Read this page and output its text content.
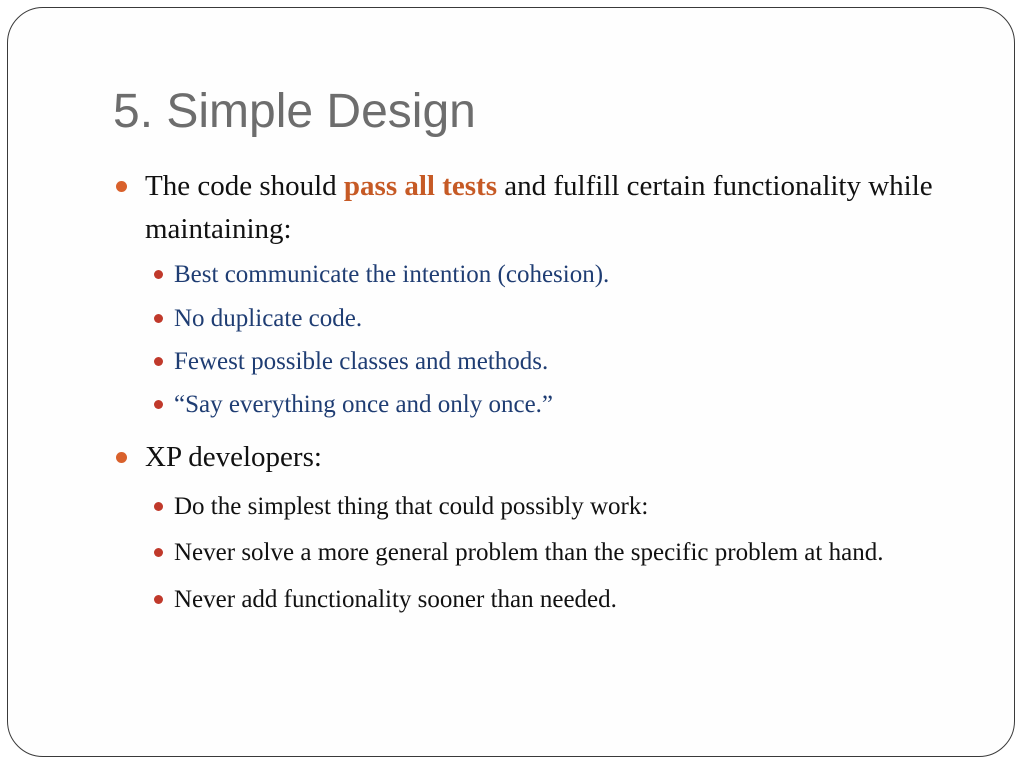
5. Simple Design
The code should pass all tests and fulfill certain functionality while maintaining:
Best communicate the intention (cohesion).
No duplicate code.
Fewest possible classes and methods.
“Say everything once and only once.”
XP developers:
Do the simplest thing that could possibly work:
Never solve a more general problem than the specific problem at hand.
Never add functionality sooner than needed.
